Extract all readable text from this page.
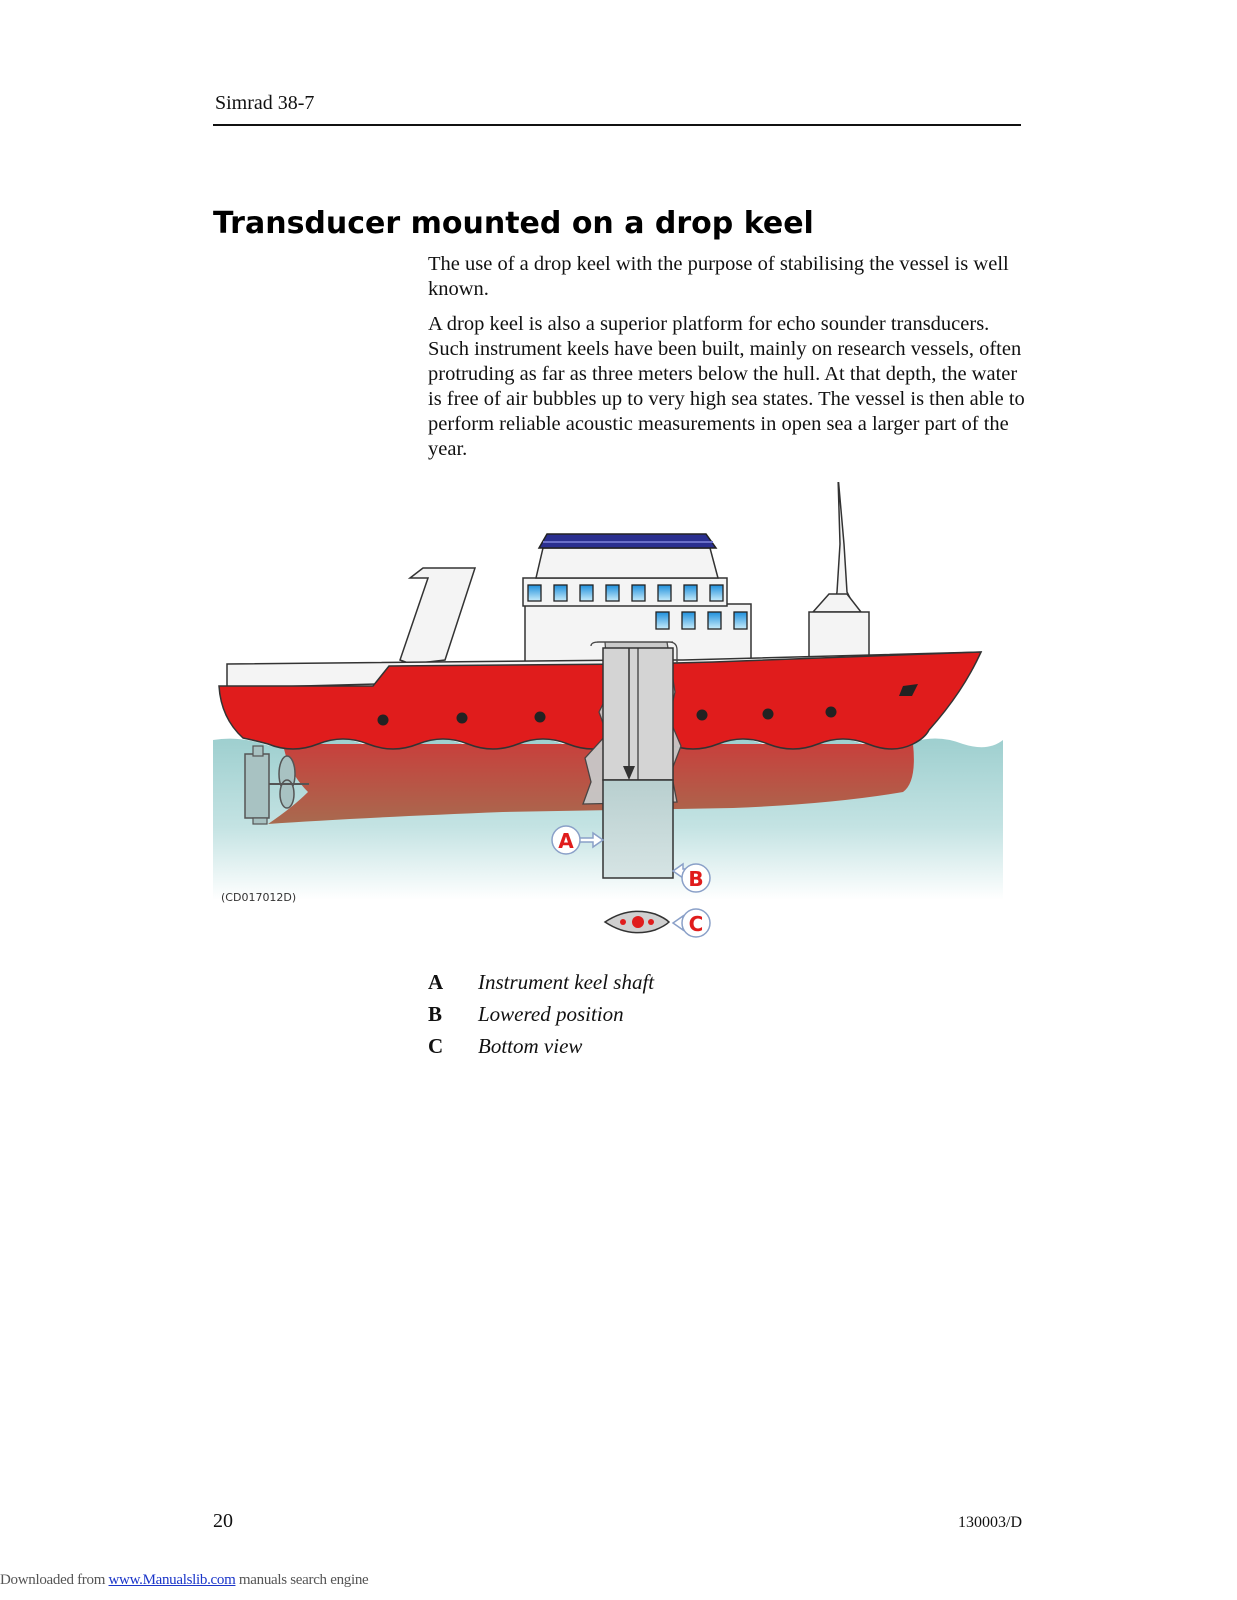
Simrad 38-7
Transducer mounted on a drop keel
The use of a drop keel with the purpose of stabilising the vessel is well known.
A drop keel is also a superior platform for echo sounder transducers. Such instrument keels have been built, mainly on research vessels, often protruding as far as three meters below the hull. At that depth, the water is free of air bubbles up to very high sea states. The vessel is then able to perform reliable acoustic measurements in open sea a larger part of the year.
A
B
C
(CD017012D)
A Instrument keel shaft
B Lowered position
C Bottom view
20	130003/D
Downloaded from www.Manualslib.com manuals search engine
